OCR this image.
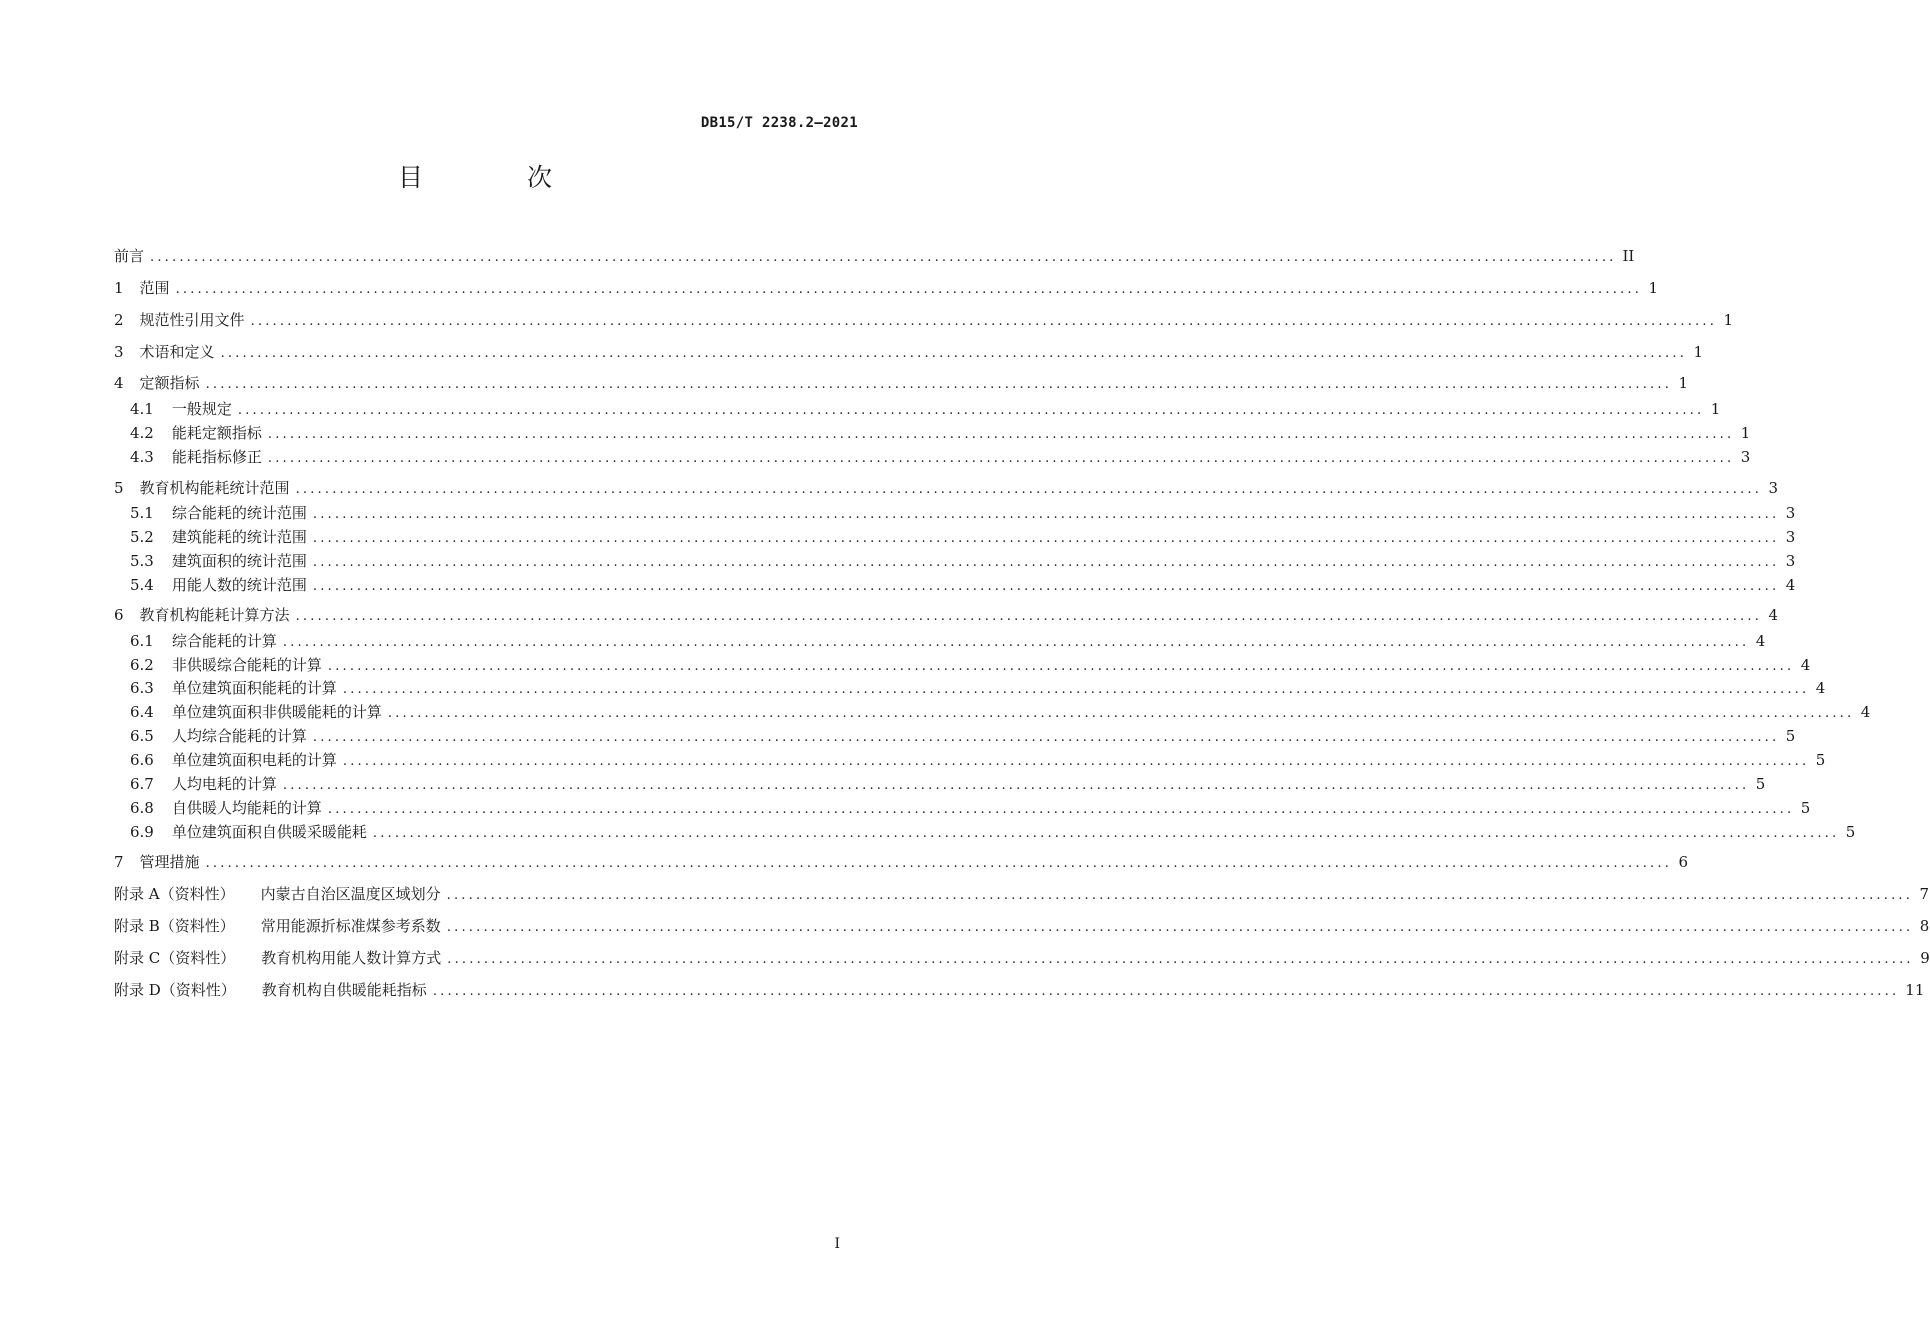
DB15/T 2238.2—2021
目 次
前言 ........................................................................................................................................................................................................ II
1 范围 ........................................................................................................................................................................................................ 1
2 规范性引用文件 ........................................................................................................................................................................................................ 1
3 术语和定义 ........................................................................................................................................................................................................ 1
4 定额指标 ........................................................................................................................................................................................................ 1
4.1 一般规定 ........................................................................................................................................................................................................ 1
4.2 能耗定额指标 ........................................................................................................................................................................................................ 1
4.3 能耗指标修正 ........................................................................................................................................................................................................ 3
5 教育机构能耗统计范围 ........................................................................................................................................................................................................ 3
5.1 综合能耗的统计范围 ........................................................................................................................................................................................................ 3
5.2 建筑能耗的统计范围 ........................................................................................................................................................................................................ 3
5.3 建筑面积的统计范围 ........................................................................................................................................................................................................ 3
5.4 用能人数的统计范围 ........................................................................................................................................................................................................ 4
6 教育机构能耗计算方法 ........................................................................................................................................................................................................ 4
6.1 综合能耗的计算 ........................................................................................................................................................................................................ 4
6.2 非供暖综合能耗的计算 ........................................................................................................................................................................................................ 4
6.3 单位建筑面积能耗的计算 ........................................................................................................................................................................................................ 4
6.4 单位建筑面积非供暖能耗的计算 ........................................................................................................................................................................................................ 4
6.5 人均综合能耗的计算 ........................................................................................................................................................................................................ 5
6.6 单位建筑面积电耗的计算 ........................................................................................................................................................................................................ 5
6.7 人均电耗的计算 ........................................................................................................................................................................................................ 5
6.8 自供暖人均能耗的计算 ........................................................................................................................................................................................................ 5
6.9 单位建筑面积自供暖采暖能耗 ........................................................................................................................................................................................................ 5
7 管理措施 ........................................................................................................................................................................................................ 6
附录 A（资料性） 内蒙古自治区温度区域划分 ........................................................................................................................................................................................................ 7
附录 B（资料性） 常用能源折标准煤参考系数 ........................................................................................................................................................................................................ 8
附录 C（资料性） 教育机构用能人数计算方式 ........................................................................................................................................................................................................ 9
附录 D（资料性） 教育机构自供暖能耗指标 ........................................................................................................................................................................................................ 11
I
